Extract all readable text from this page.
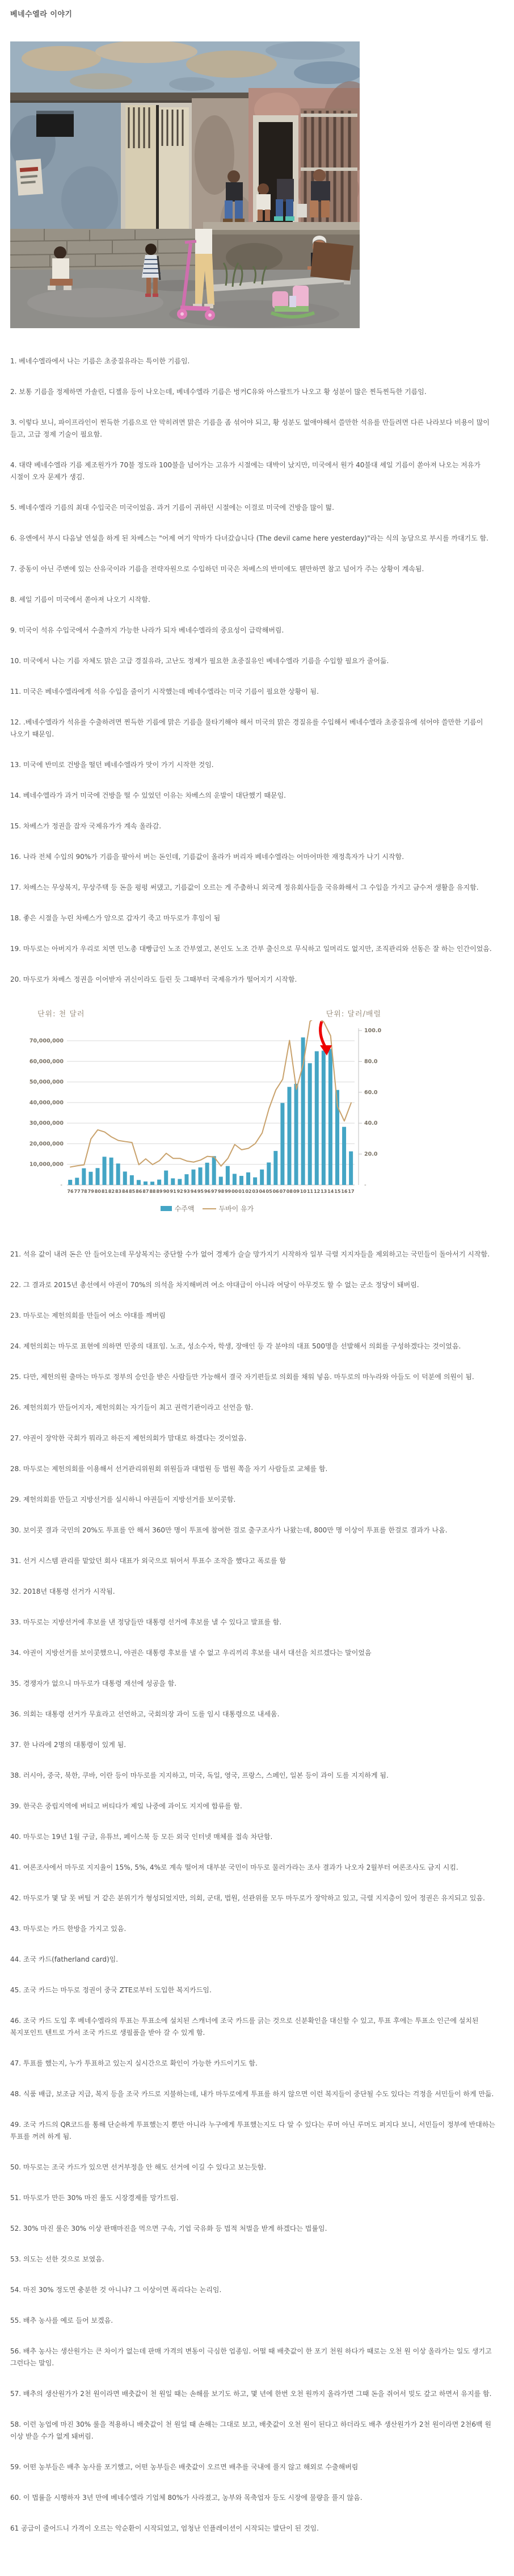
베네수엘라 이야기

1. 베네수엘라에서 나는 기름은 초중질유라는 특이한 기름임.

2. 보통 기름을 정제하면 가솔린, 디젤유 등이 나오는데, 베네수엘라 기름은 벙커C유와 아스팔트가 나오고 황 성분이 많은 찐득찐득한 기름임.

3. 이렇다 보니, 파이프라인이 찐득한 기름으로 안 막히려면 맑은 기름을 좀 섞어야 되고, 황 성분도 없애야해서 쓸만한 석유를 만들려면 다른 나라보다 비용이 많이 들고, 고급 정제 기술이 필요함.

4. 대략 베네수엘라 기름 제조원가가 70불 정도라 100불을 넘어가는 고유가 시절에는 대박이 났지만, 미국에서 원가 40불대 셰일 기름이 쏟아져 나오는 저유가 시절이 오자 문제가 생김.

5. 베네수엘라 기름의 최대 수입국은 미국이었음. 과거 기름이 귀하던 시절에는 이걸로 미국에 건방을 많이 떪.

6. 유엔에서 부시 다음날 연설을 하게 된 차베스는 "어제 여기 악마가 다녀갔습니다 (The devil came here yesterday)"라는 식의 농담으로 부시를 까대기도 함.

7. 중동이 아닌 주변에 있는 산유국이라 기름을 전략자원으로 수입하던 미국은 차베스의 반미에도 웬만하면 참고 넘어가 주는 상황이 계속됨.

8. 셰일 기름이 미국에서 쏟아져 나오기 시작함.

9. 미국이 석유 수입국에서 수출까지 가능한 나라가 되자 베네수엘라의 중요성이 급락해버림.

10. 미국에서 나는 기름 자체도 맑은 고급 경질유라, 고난도 정제가 필요한 초중질유인 베네수엘라 기름을 수입할 필요가 줄어듦.

11. 미국은 베네수엘라에게 석유 수입을 줄이기 시작했는데 베네수엘라는 미국 기름이 필요한 상황이 됨.

12. .베네수엘라가 석유를 수출하려면 찐득한 기름에 맑은 기름을 물타기해야 해서 미국의 맑은 경질유를 수입해서 베네수엘라 초중질유에 섞어야 쓸만한 기름이 나오기 때문임.

13. 미국에 반미로 건방을 떨던 베네수엘라가 맛이 가기 시작한 것임.

14. 베네수엘라가 과거 미국에 건방을 떨 수 있었던 이유는 차베스의 운발이 대단했기 때문임.

15. 차베스가 정권을 잡자 국제유가가 계속 올라감.

16. 나라 전체 수입의 90%가 기름을 팔아서 버는 돈인데, 기름값이 올라가 버리자 베네수엘라는 어마어마한 재정흑자가 나기 시작함.

17. 차베스는 무상복지, 무상주택 등 돈을 펑펑 써댔고, 기름값이 오르는 게 주춤하니 외국계 정유회사들을 국유화해서 그 수입을 가지고 금수저 생활을 유지함.

18. 좋은 시절을 누린 차베스가 암으로 갑자기 죽고 마두로가 후임이 됨

19. 마두로는 아버지가 우리로 치면 민노총 대빵급인 노조 간부였고, 본인도 노조 간부 출신으로 무식하고 일머리도 없지만, 조직관리와 선동은 잘 하는 인간이었음.

20. 마두로가 차베스 정권을 이어받자 귀신이라도 들린 듯 그때부터 국제유가가 떨어지기 시작함.

단위: 천 달러	단위: 달러/배럴
10,000,000
20,000,000
30,000,000
40,000,000
50,000,000
60,000,000
70,000,000
-
20.0
40.0
60.0
80.0
100.0
-
76 77 78 79 80 81 82 83 84 85 86 87 88 89 90 91 92 93 94 95 96 97 98 99 00 01 02 03 04 05 06 07 08 09 10 11 12 13 14 15 16 17
수주액	두바이 유가

21. 석유 값이 내려 돈은 안 들어오는데 무상복지는 중단할 수가 없어 경제가 슬슬 망가지기 시작하자 일부 극렬 지지자들을 제외하고는 국민들이 돌아서기 시작함.

22. 그 결과로 2015년 총선에서 야권이 70%의 의석을 차지해버려 여소 야대급이 아니라 여당이 아무것도 할 수 없는 군소 정당이 돼버림.

23. 마두로는 제헌의회를 만들어 여소 야대를 깨버림

24. 제헌의회는 마두로 표현에 의하면 민중의 대표임. 노조, 성소수자, 학생, 장애인 등 각 분야의 대표 500명을 선발해서 의회를 구성하겠다는 것이었음.

25. 다만, 제헌의원 출마는 마두로 정부의 승인을 받은 사람들만 가능해서 결국 자기편들로 의회를 채워 넣음. 마두로의 마누라와 아들도 이 덕분에 의원이 됨.

26. 제헌의회가 만들어지자, 제헌의회는 자기들이 최고 권력기관이라고 선언을 함.

27. 야권이 장악한 국회가 뭐라고 하든지 제헌의회가 맘대로 하겠다는 것이었음.

28. 마두로는 제헌의회를 이용해서 선거관리위원회 위원들과 대법원 등 법원 쪽을 자기 사람들로 교체를 함.

29. 제헌의회를 만들고 지방선거를 실시하니 야권들이 지방선거를 보이콧함.

30. 보이콧 결과 국민의 20%도 투표를 안 해서 360만 명이 투표에 참여한 걸로 출구조사가 나왔는데, 800만 명 이상이 투표를 한걸로 결과가 나옴.

31. 선거 시스템 관리를 맡았던 회사 대표가 외국으로 튀어서 투표수 조작을 했다고 폭로를 함

32. 2018년 대통령 선거가 시작됨.

33. 마두로는 지방선거에 후보를 낸 정당들만 대통령 선거에 후보를 낼 수 있다고 발표를 함.

34. 야권이 지방선거를 보이콧했으니, 야권은 대통령 후보를 낼 수 없고 우리끼리 후보를 내서 대선을 치르겠다는 말이었음

35. 경쟁자가 없으니 마두로가 대통령 재선에 성공을 함.

36. 의회는 대통령 선거가 무효라고 선언하고, 국회의장 과이 도를 임시 대통령으로 내세움.

37. 한 나라에 2명의 대통령이 있게 됨.

38. 러시아, 중국, 북한, 쿠바, 이란 등이 마두로를 지지하고, 미국, 독일, 영국, 프랑스, 스페인, 일본 등이 과이 도를 지지하게 됨.

39. 한국은 중립지역에 버티고 버티다가 제일 나중에 과이도 지지에 합류를 함.

40. 마두로는 19년 1월 구글, 유튜브, 페이스북 등 모든 외국 인터넷 매체를 접속 차단함.

41. 여론조사에서 마두로 지지율이 15%, 5%, 4%로 계속 떨어져 대부분 국민이 마두로 물러가라는 조사 결과가 나오자 2월부터 여론조사도 금지 시킴.

42. 마두로가 몇 달 못 버틸 거 같은 분위기가 형성되었지만, 의회, 군대, 법원, 선관위를 모두 마두로가 장악하고 있고, 극렬 지지층이 있어 정권은 유지되고 있음.

43. 마두로는 카드 한방을 가지고 있음.

44. 조국 카드(fatherland card)임.

45. 조국 카드는 마두로 정권이 중국 ZTE로부터 도입한 복지카드임.

46. 조국 카드 도입 후 베네수엘라의 투표는 투표소에 설치된 스캐너에 조국 카드를 긁는 것으로 신분확인을 대신할 수 있고, 투표 후에는 투표소 인근에 설치된 복지포인트 텐트로 가서 조국 카드로 생필품을 받아 갈 수 있게 함.

47. 투표를 했는지, 누가 투표하고 있는지 실시간으로 확인이 가능한 카드이기도 함.

48. 식품 배급, 보조금 지급, 복지 등을 조국 카드로 지불하는데, 내가 마두로에게 투표를 하지 않으면 이런 복지들이 중단될 수도 있다는 걱정을 서민들이 하게 만듦.

49. 조국 카드의 QR코드를 통해 단순하게 투표했는지 뿐만 아니라 누구에게 투표했는지도 다 알 수 있다는 루머 아닌 루머도 퍼지다 보니, 서민들이 정부에 반대하는 투표를 꺼려 하게 됨.

50. 마두로는 조국 카드가 있으면 선거부정을 안 해도 선거에 이길 수 있다고 보는듯함.

51. 마두로가 만든 30% 마진 룰도 시장경제를 망가트림.

52. 30% 마진 룰은 30% 이상 판매마진을 먹으면 구속, 기업 국유화 등 법적 처벌을 받게 하겠다는 법률임.

53. 의도는 선한 것으로 보였음.

54. 마진 30% 정도면 충분한 것 아니냐? 그 이상이면 폭리다는 논리임.

55. 배추 농사를 예로 들어 보겠음.

56. 배추 농사는 생산원가는 큰 차이가 없는데 판매 가격의 변동이 극심한 업종임. 어떨 때 배춧값이 한 포기 천원 하다가 때로는 오천 원 이상 올라가는 일도 생기고 그런다는 말임.

57. 배추의 생산원가가 2천 원이라면 배춧값이 천 원일 때는 손해를 보기도 하고, 몇 년에 한번 오천 원까지 올라가면 그때 돈을 쥐어서 빚도 갚고 하면서 유지를 함.

58. 이런 농업에 마진 30% 룰을 적용하니 배춧값이 천 원일 때 손해는 그대로 보고, 배춧값이 오천 원이 된다고 하더라도 배추 생산원가가 2천 원이라면 2천6백 원 이상 받을 수가 없게 돼버림.

59. 어떤 농부들은 배추 농사를 포기했고, 어떤 농부들은 배춧값이 오르면 배추를 국내에 풀지 않고 해외로 수출해버림

60. 이 법률을 시행하자 3년 만에 베네수엘라 기업체 80%가 사라졌고, 농부와 목축업자 등도 시장에 물량을 풀지 않음.

61 공급이 줄어드니 가격이 오르는 악순환이 시작되었고, 엄청난 인플레이션이 시작되는 발단이 된 것임.
